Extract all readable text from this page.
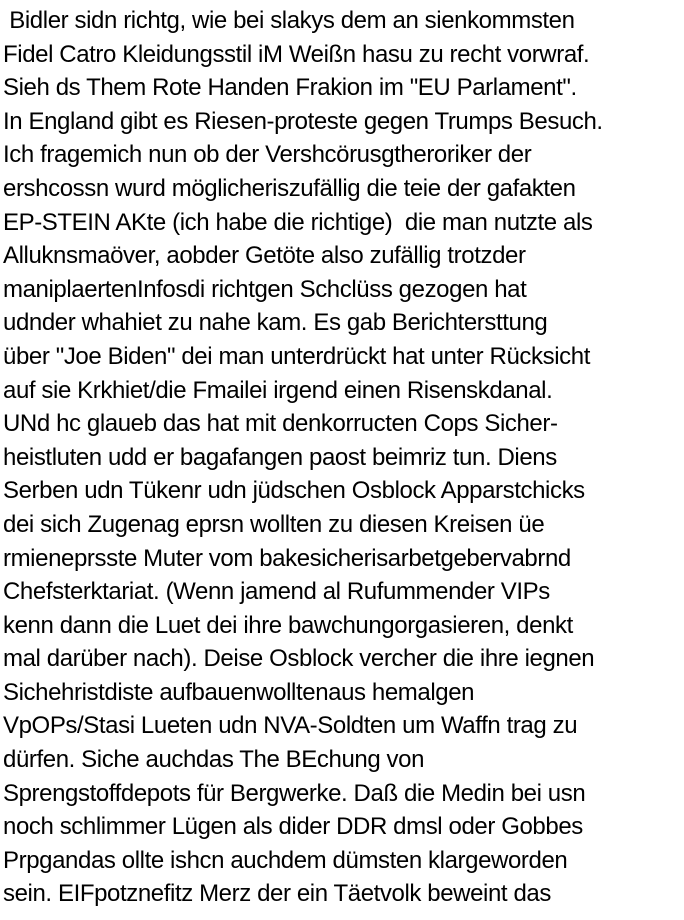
Bidler sidn richtg, wie bei slakys dem an sienkommsten
Fidel Catro Kleidungsstil iM Weißn hasu zu recht vorwraf.
Sieh ds Them Rote Handen Frakion im "EU Parlament".
In England gibt es Riesen-proteste gegen Trumps Besuch.
Ich fragemich nun ob der Vershcörusgtheroriker der
ershcossn wurd möglicheriszufällig die teie der gafakten
EP-STEIN AKte (ich habe die richtige)  die man nutzte als
Alluknsmaöver, aobder Getöte also zufällig trotzder
maniplaertenInfosdi richtgen Schclüss gezogen hat
udnder whahiet zu nahe kam. Es gab Berichtersttung
über "Joe Biden" dei man unterdrückt hat unter Rücksicht
auf sie Krkhiet/die Fmailei irgend einen Risenskdanal.
UNd hc glaueb das hat mit denkorructen Cops Sicher-
heistluten udd er bagafangen paost beimriz tun. Diens
Serben udn Tükenr udn jüdschen Osblock Apparstchicks
dei sich Zugenag eprsn wollten zu diesen Kreisen üe
rmieneprsste Muter vom bakesicherisarbetgebervabrnd
Chefsterktariat. (Wenn jamend al Rufummender VIPs
kenn dann die Luet dei ihre bawchungorgasieren, denkt
mal darüber nach). Deise Osblock vercher die ihre iegnen
Sichehristdiste aufbauenwolltenaus hemalgen
VpOPs/Stasi Lueten udn NVA-Soldten um Waffn trag zu
dürfen. Siche auchdas The BEchung von
Sprengstoffdepots für Bergwerke. Daß die Medin bei usn
noch schlimmer Lügen als dider DDR dmsl oder Gobbes
Prpgandas ollte ishcn auchdem dümsten klargeworden
sein. EIFpotznefitz Merz der ein Täetvolk beweint das
